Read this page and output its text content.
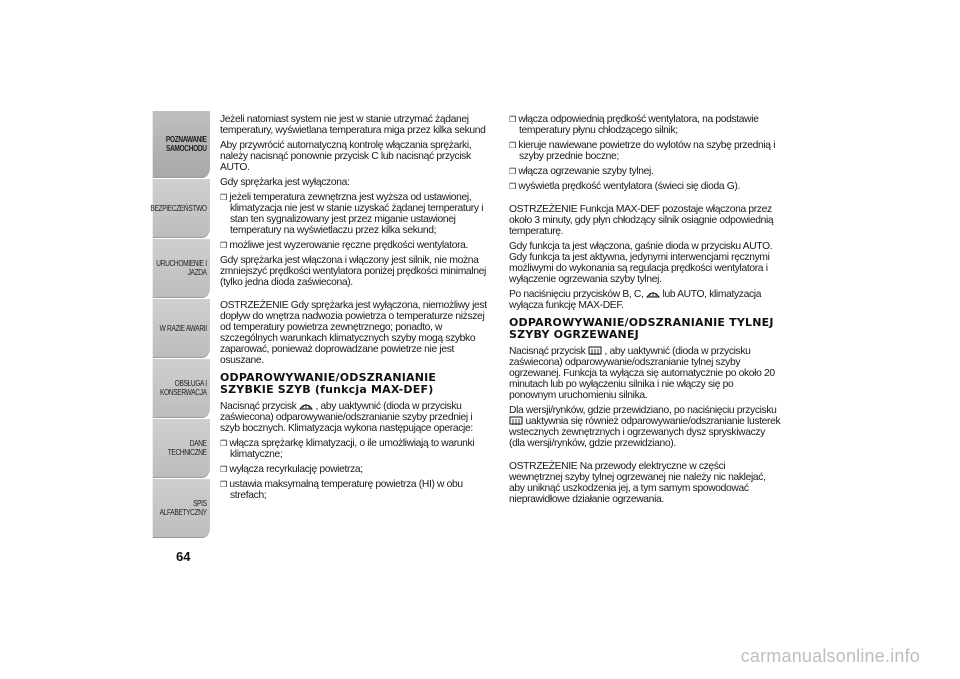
POZNAWANIE SAMOCHODU
BEZPIECZEŃSTWO
URUCHOMIENIE I JAZDA
W RAZIE AWARII
OBSŁUGA I KONSERWACJA
DANE TECHNICZNE
SPIS ALFABETYCZNY
64

Jeżeli natomiast system nie jest w stanie utrzymać żądanej temperatury, wyświetlana temperatura miga przez kilka sekund

Aby przywrócić automatyczną kontrolę włączania sprężarki, należy nacisnąć ponownie przycisk C lub nacisnąć przycisk AUTO.

Gdy sprężarka jest wyłączona:

❒ jeżeli temperatura zewnętrzna jest wyższa od ustawionej, klimatyzacja nie jest w stanie uzyskać żądanej temperatury i stan ten sygnalizowany jest przez miganie ustawionej temperatury na wyświetlaczu przez kilka sekund;

❒ możliwe jest wyzerowanie ręczne prędkości wentylatora.

Gdy sprężarka jest włączona i włączony jest silnik, nie można zmniejszyć prędkości wentylatora poniżej prędkości minimalnej (tylko jedna dioda zaświecona).

OSTRZEŻENIE Gdy sprężarka jest wyłączona, niemożliwy jest dopływ do wnętrza nadwozia powietrza o temperaturze niższej od temperatury powietrza zewnętrznego; ponadto, w szczególnych warunkach klimatycznych szyby mogą szybko zaparować, ponieważ doprowadzane powietrze nie jest osuszane.

ODPAROWYWANIE/ODSZRANIANIE SZYBKIE SZYB (funkcja MAX-DEF)

Nacisnąć przycisk  , aby uaktywnić (dioda w przycisku zaświecona) odparowywanie/odszranianie szyby przedniej i szyb bocznych. Klimatyzacja wykona następujące operacje:

❒ włącza sprężarkę klimatyzacji, o ile umożliwiają to warunki klimatyczne;

❒ wyłącza recyrkulację powietrza;

❒ ustawia maksymalną temperaturę powietrza (HI) w obu strefach;

❒ włącza odpowiednią prędkość wentylatora, na podstawie temperatury płynu chłodzącego silnik;

❒ kieruje nawiewane powietrze do wylotów na szybę przednią i szyby przednie boczne;

❒ włącza ogrzewanie szyby tylnej.

❒ wyświetla prędkość wentylatora (świeci się dioda G).

OSTRZEŻENIE Funkcja MAX-DEF pozostaje włączona przez około 3 minuty, gdy płyn chłodzący silnik osiągnie odpowiednią temperaturę.

Gdy funkcja ta jest włączona, gaśnie dioda w przycisku AUTO. Gdy funkcja ta jest aktywna, jedynymi interwencjami ręcznymi możliwymi do wykonania są regulacja prędkości wentylatora i wyłączenie ogrzewania szyby tylnej.

Po naciśnięciu przycisków B, C,  lub AUTO, klimatyzacja wyłącza funkcję MAX-DEF.

ODPAROWYWANIE/ODSZRANIANIE TYLNEJ SZYBY OGRZEWANEJ

Nacisnąć przycisk  , aby uaktywnić (dioda w przycisku zaświecona) odparowywanie/odszranianie tylnej szyby ogrzewanej. Funkcja ta wyłącza się automatycznie po około 20 minutach lub po wyłączeniu silnika i nie włączy się po ponownym uruchomieniu silnika.

Dla wersji/rynków, gdzie przewidziano, po naciśnięciu przycisku  uaktywnia się również odparowywanie/odszranianie lusterek wstecznych zewnętrznych i ogrzewanych dysz spryskiwaczy (dla wersji/rynków, gdzie przewidziano).

OSTRZEŻENIE Na przewody elektryczne w części wewnętrznej szyby tylnej ogrzewanej nie należy nic naklejać, aby uniknąć uszkodzenia jej, a tym samym spowodować nieprawidłowe działanie ogrzewania.

carmanualsonline.info
